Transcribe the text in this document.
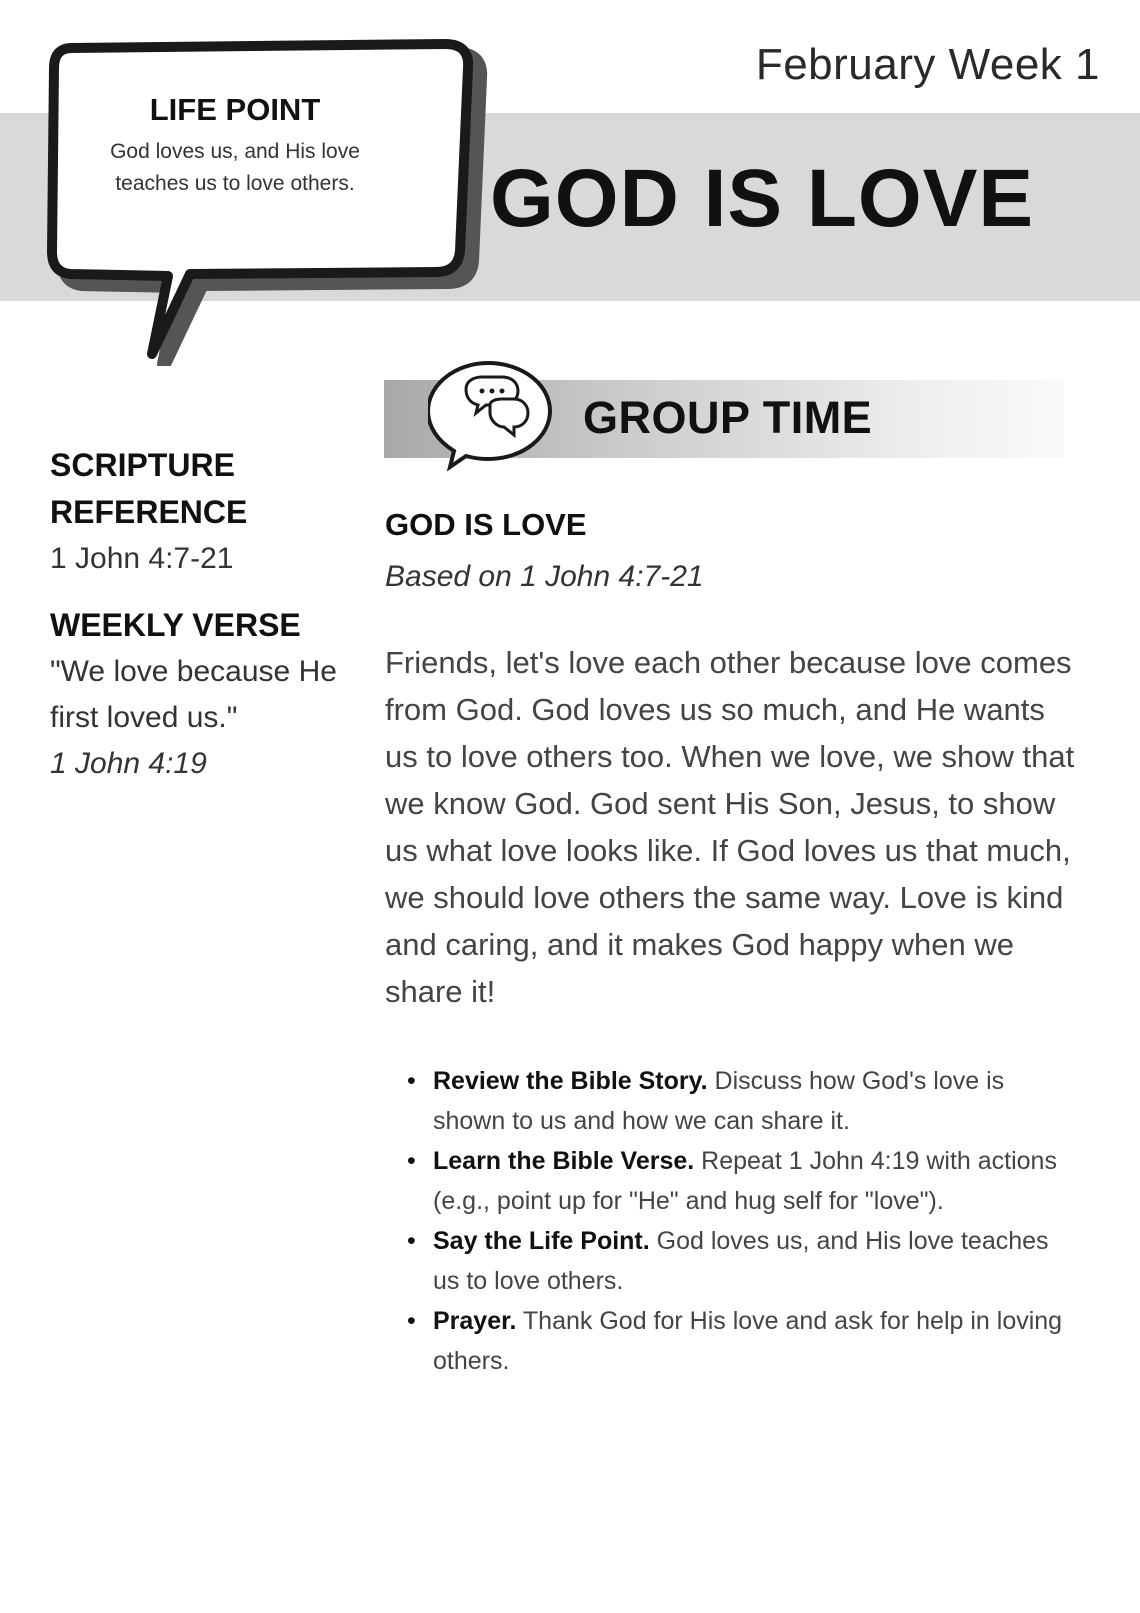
February Week 1
GOD IS LOVE
LIFE POINT
God loves us, and His love teaches us to love others.
GROUP TIME
SCRIPTURE REFERENCE
1 John 4:7-21
WEEKLY VERSE
"We love because He first loved us."
1 John 4:19
GOD IS LOVE
Based on 1 John 4:7-21
Friends, let's love each other because love comes from God. God loves us so much, and He wants us to love others too. When we love, we show that we know God. God sent His Son, Jesus, to show us what love looks like. If God loves us that much, we should love others the same way. Love is kind and caring, and it makes God happy when we share it!
• Review the Bible Story. Discuss how God's love is shown to us and how we can share it.
• Learn the Bible Verse. Repeat 1 John 4:19 with actions (e.g., point up for "He" and hug self for "love").
• Say the Life Point. God loves us, and His love teaches us to love others.
• Prayer. Thank God for His love and ask for help in loving others.
